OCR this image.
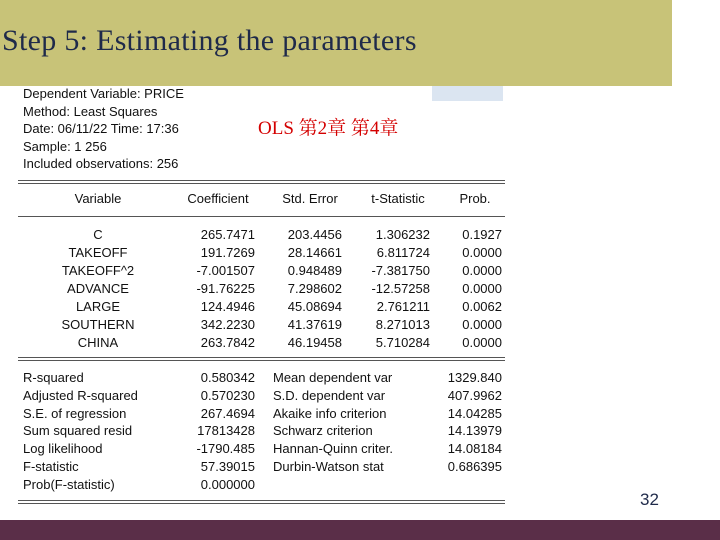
Step 5: Estimating the parameters
Dependent Variable: PRICE
Method: Least Squares
Date: 06/11/22 Time: 17:36
Sample: 1 256
Included observations: 256
OLS 第2章 第4章
Variable	Coefficient	Std. Error	t-Statistic	Prob.
C	265.7471	203.4456	1.306232	0.1927
TAKEOFF	191.7269	28.14661	6.811724	0.0000
TAKEOFF^2	-7.001507	0.948489	-7.381750	0.0000
ADVANCE	-91.76225	7.298602	-12.57258	0.0000
LARGE	124.4946	45.08694	2.761211	0.0062
SOUTHERN	342.2230	41.37619	8.271013	0.0000
CHINA	263.7842	46.19458	5.710284	0.0000
R-squared	0.580342 Mean dependent var	1329.840
Adjusted R-squared	0.570230 S.D. dependent var	407.9962
S.E. of regression	267.4694 Akaike info criterion	14.04285
Sum squared resid	17813428 Schwarz criterion	14.13979
Log likelihood	-1790.485 Hannan-Quinn criter.	14.08184
F-statistic	57.39015 Durbin-Watson stat	0.686395
Prob(F-statistic)	0.000000
32
